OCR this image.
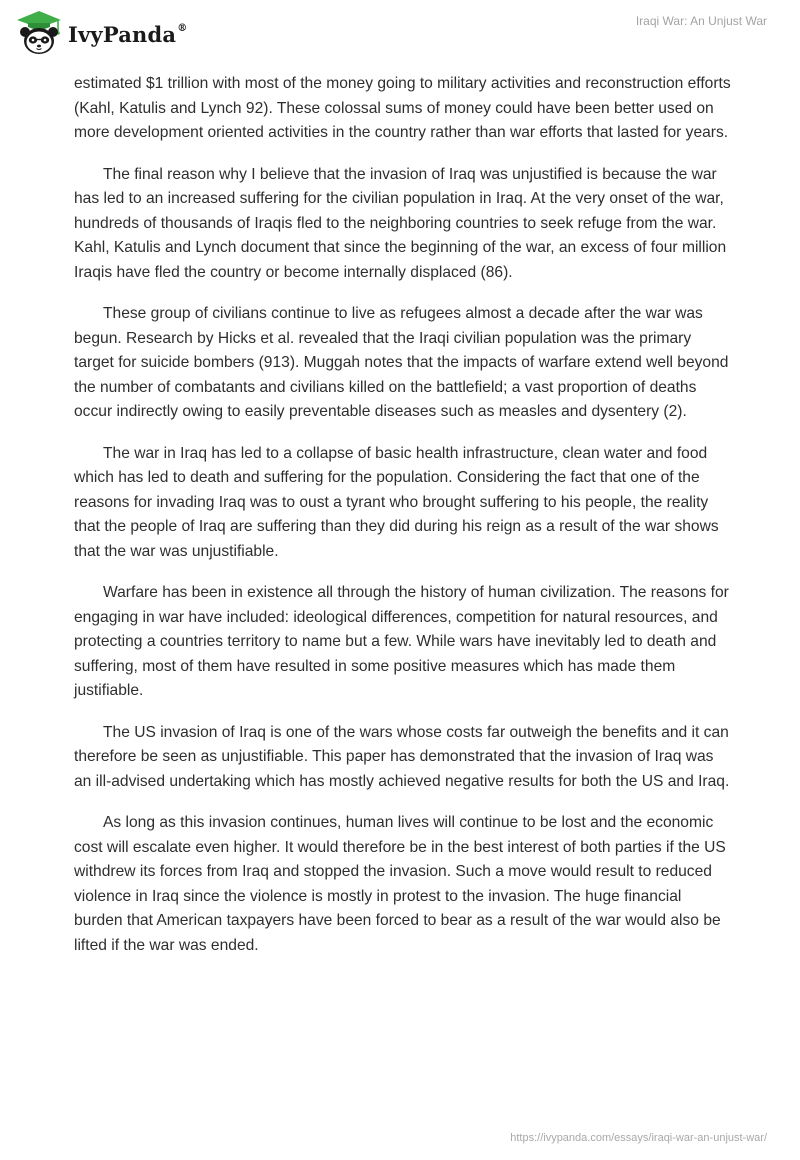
IvyPanda®	Iraqi War: An Unjust War

estimated $1 trillion with most of the money going to military activities and reconstruction efforts (Kahl, Katulis and Lynch 92). These colossal sums of money could have been better used on more development oriented activities in the country rather than war efforts that lasted for years.

The final reason why I believe that the invasion of Iraq was unjustified is because the war has led to an increased suffering for the civilian population in Iraq. At the very onset of the war, hundreds of thousands of Iraqis fled to the neighboring countries to seek refuge from the war. Kahl, Katulis and Lynch document that since the beginning of the war, an excess of four million Iraqis have fled the country or become internally displaced (86).

These group of civilians continue to live as refugees almost a decade after the war was begun. Research by Hicks et al. revealed that the Iraqi civilian population was the primary target for suicide bombers (913). Muggah notes that the impacts of warfare extend well beyond the number of combatants and civilians killed on the battlefield; a vast proportion of deaths occur indirectly owing to easily preventable diseases such as measles and dysentery (2).

The war in Iraq has led to a collapse of basic health infrastructure, clean water and food which has led to death and suffering for the population. Considering the fact that one of the reasons for invading Iraq was to oust a tyrant who brought suffering to his people, the reality that the people of Iraq are suffering than they did during his reign as a result of the war shows that the war was unjustifiable.

Warfare has been in existence all through the history of human civilization. The reasons for engaging in war have included: ideological differences, competition for natural resources, and protecting a countries territory to name but a few. While wars have inevitably led to death and suffering, most of them have resulted in some positive measures which has made them justifiable.

The US invasion of Iraq is one of the wars whose costs far outweigh the benefits and it can therefore be seen as unjustifiable. This paper has demonstrated that the invasion of Iraq was an ill-advised undertaking which has mostly achieved negative results for both the US and Iraq.

As long as this invasion continues, human lives will continue to be lost and the economic cost will escalate even higher. It would therefore be in the best interest of both parties if the US withdrew its forces from Iraq and stopped the invasion. Such a move would result to reduced violence in Iraq since the violence is mostly in protest to the invasion. The huge financial burden that American taxpayers have been forced to bear as a result of the war would also be lifted if the war was ended.

https://ivypanda.com/essays/iraqi-war-an-unjust-war/
